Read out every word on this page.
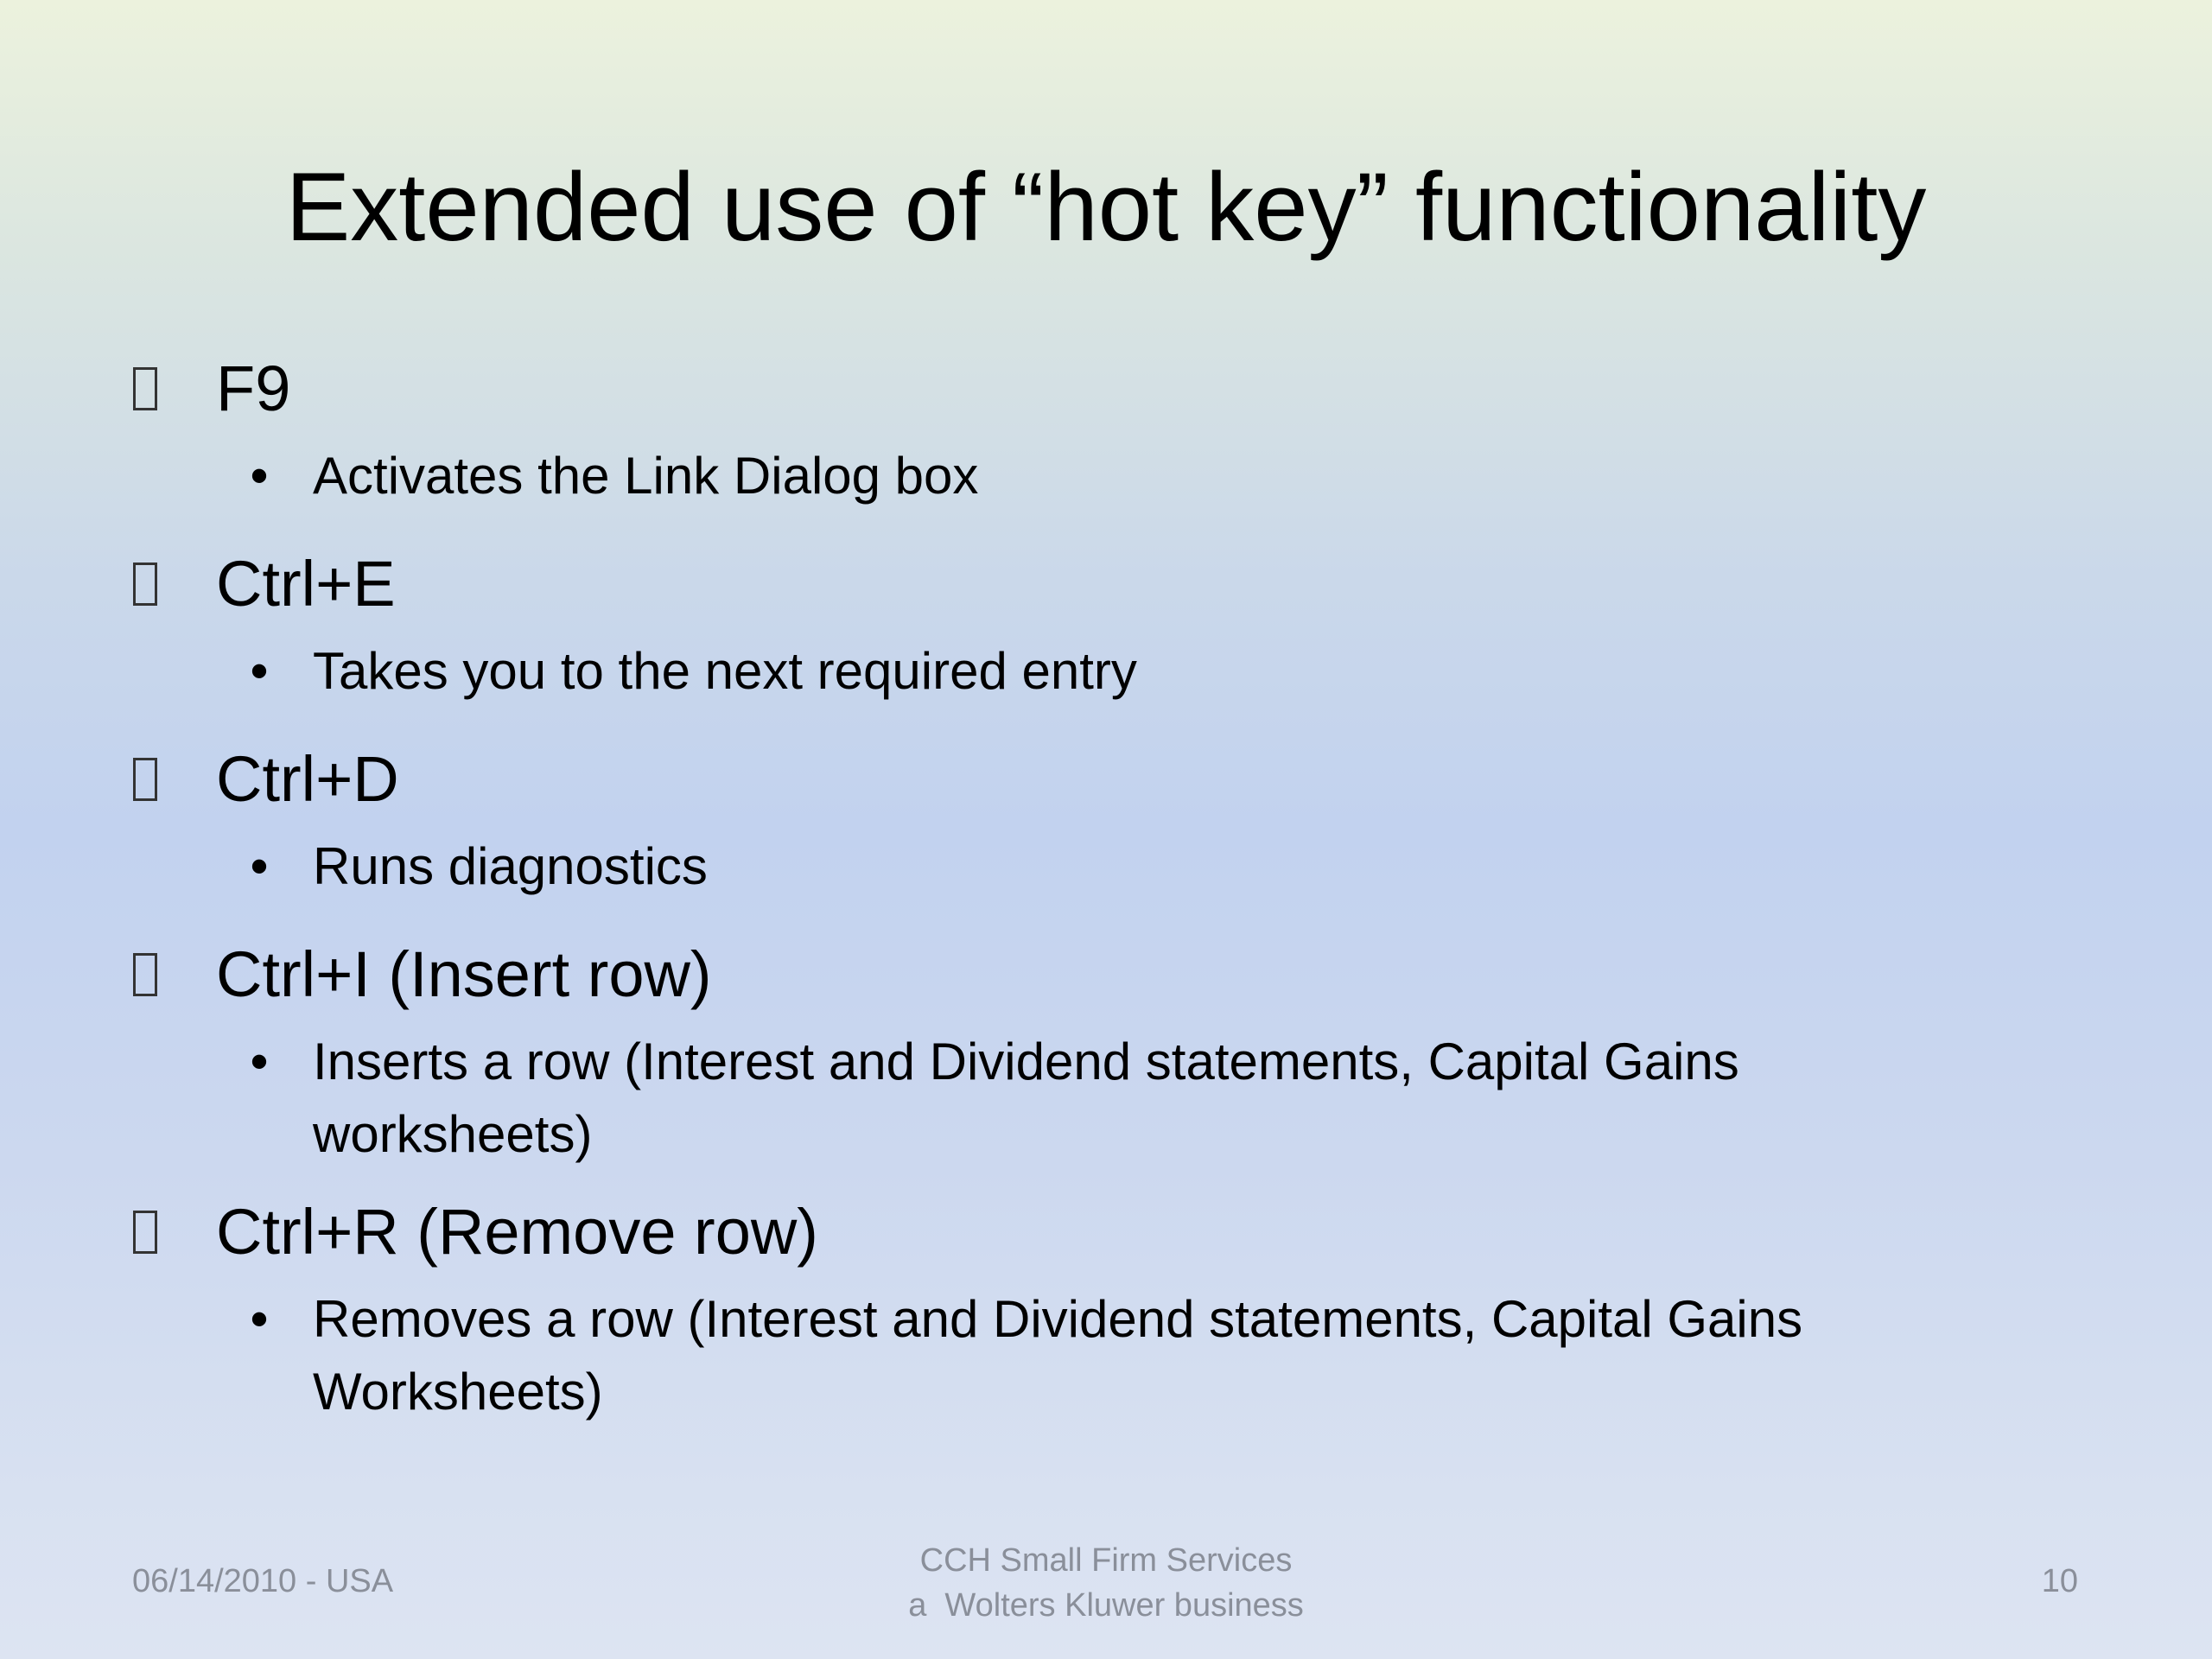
Extended use of “hot key” functionality
F9
• Activates the Link Dialog box
Ctrl+E
• Takes you to the next required entry
Ctrl+D
• Runs diagnostics
Ctrl+I (Insert row)
• Inserts a row (Interest and Dividend statements, Capital Gains worksheets)
Ctrl+R (Remove row)
• Removes a row (Interest and Dividend statements, Capital Gains Worksheets)
06/14/2010 - USA
CCH Small Firm Services
a  Wolters Kluwer business
10
